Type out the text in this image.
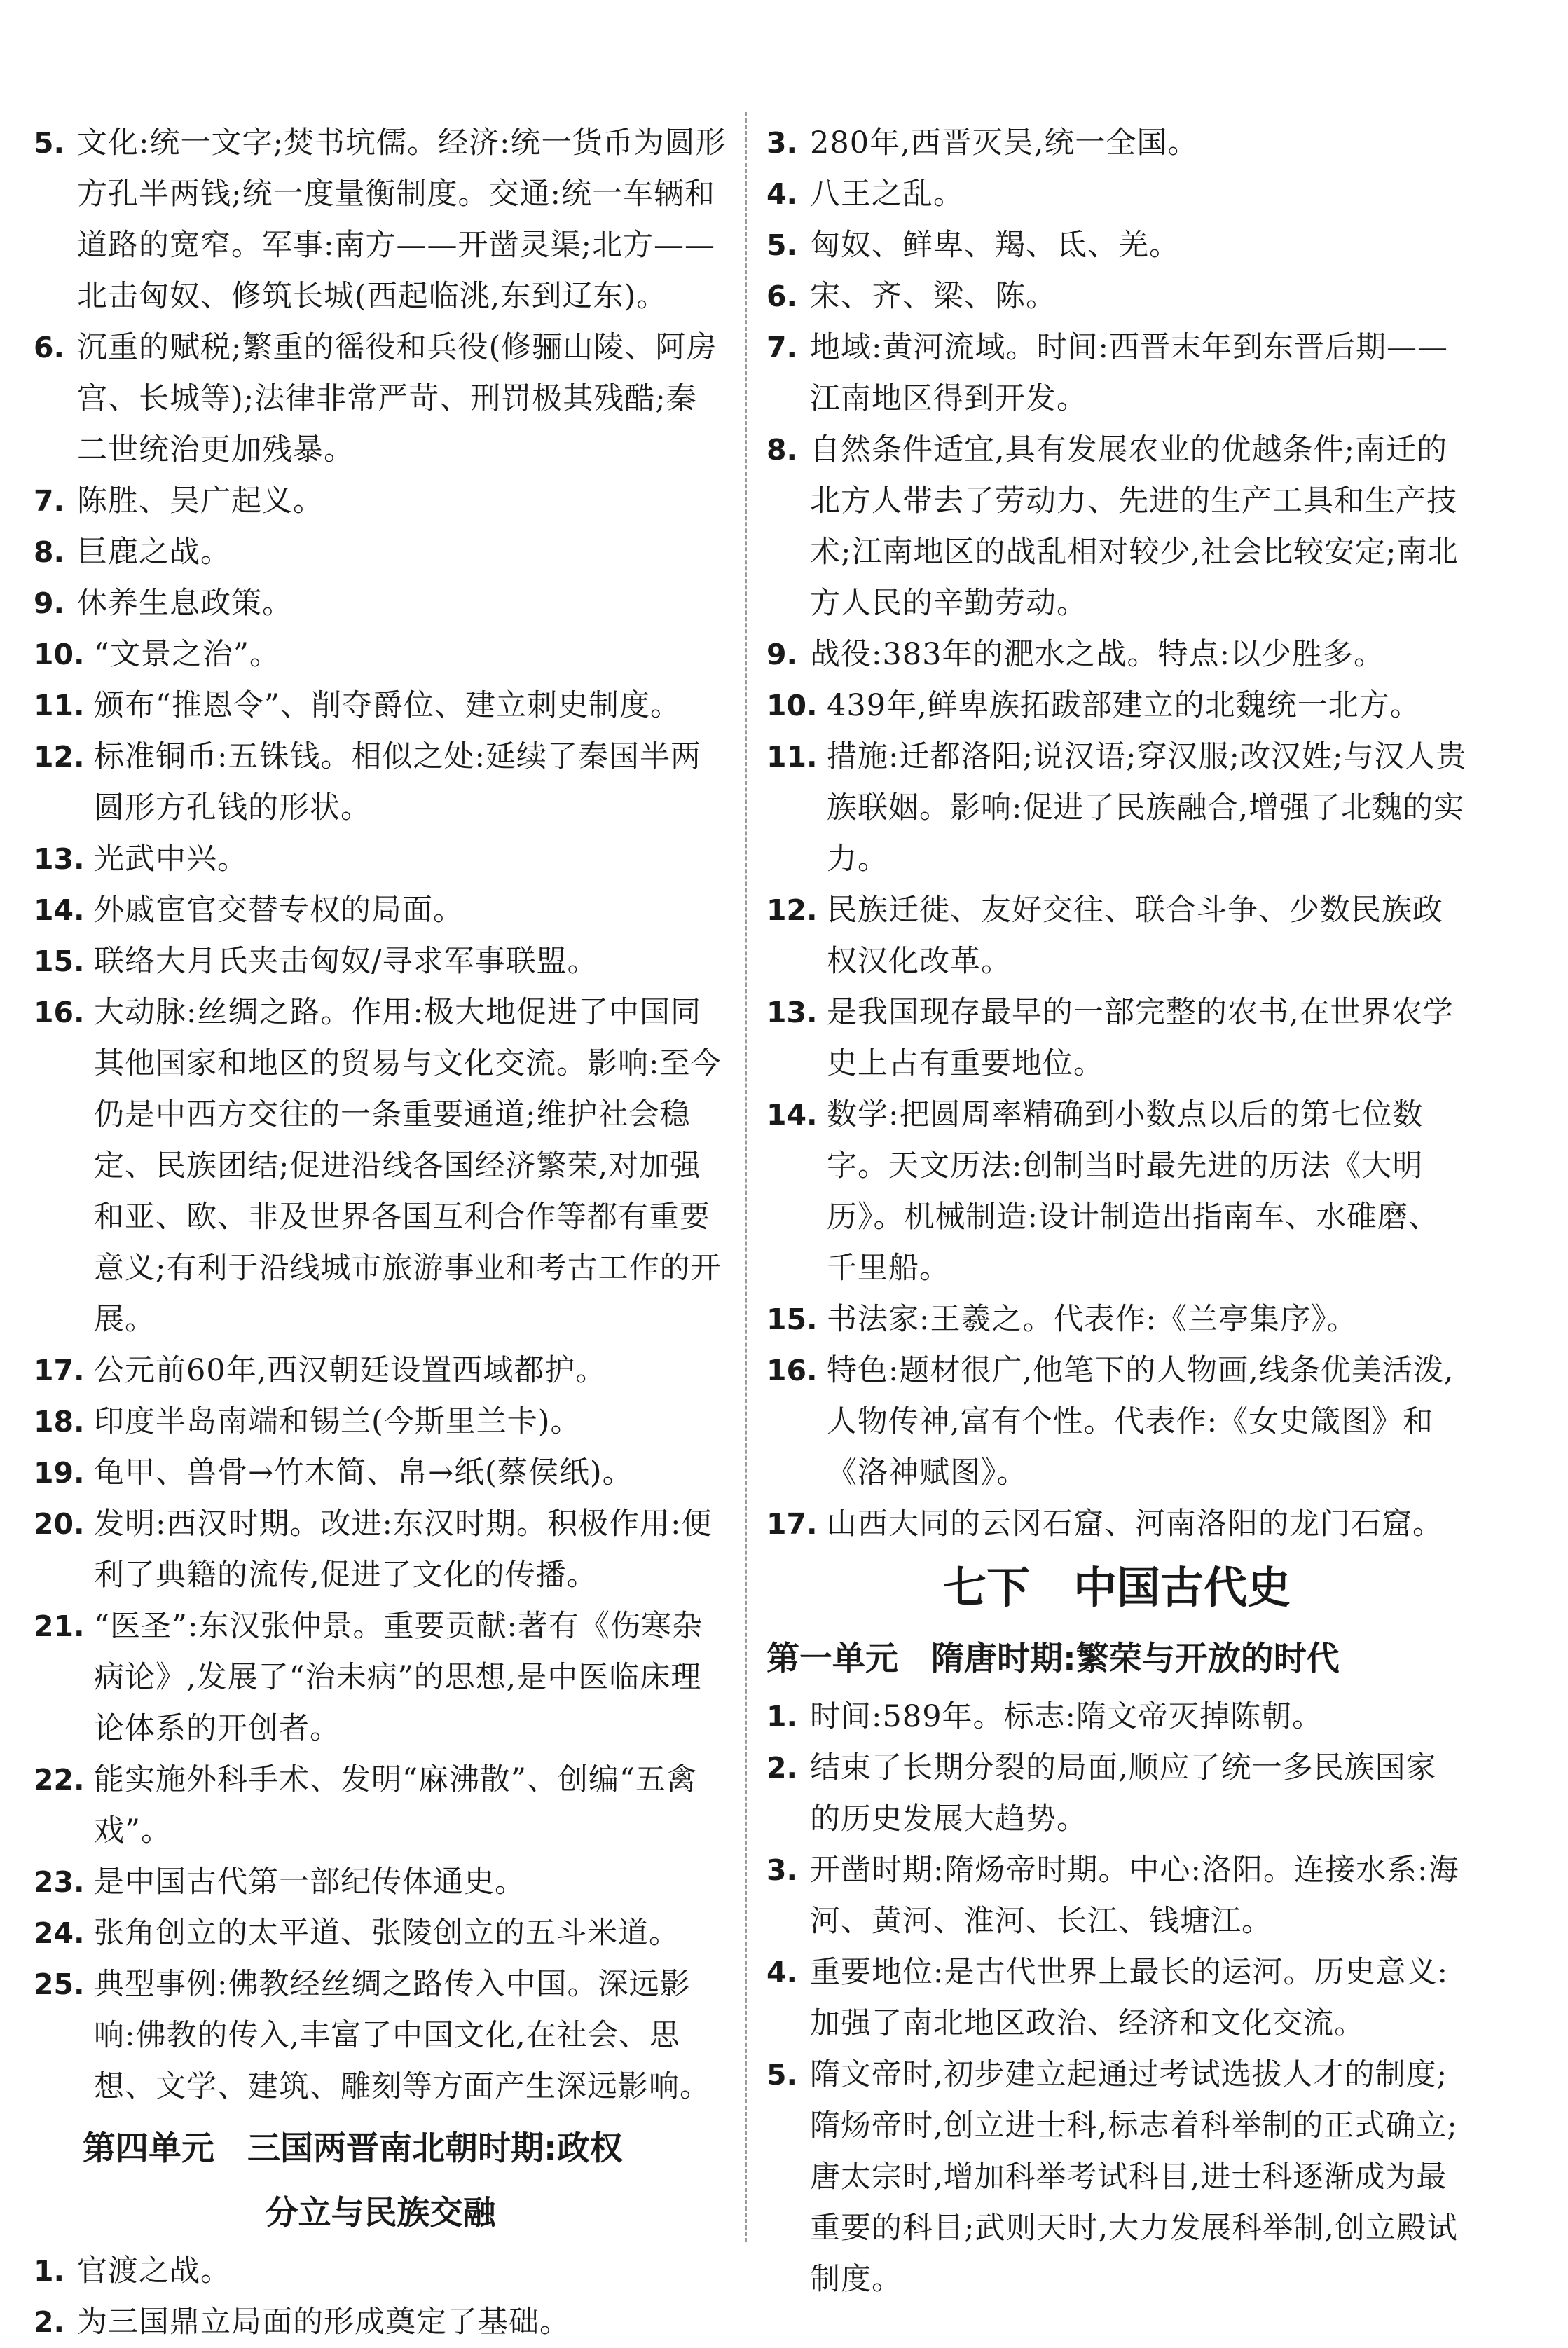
5. 文化:统一文字;焚书坑儒。经济:统一货币为圆形方孔半两钱;统一度量衡制度。交通:统一车辆和道路的宽窄。军事:南方——开凿灵渠;北方——北击匈奴、修筑长城(西起临洮,东到辽东)。
6. 沉重的赋税;繁重的徭役和兵役(修骊山陵、阿房宫、长城等);法律非常严苛、刑罚极其残酷;秦二世统治更加残暴。
7. 陈胜、吴广起义。
8. 巨鹿之战。
9. 休养生息政策。
10. “文景之治”。
11. 颁布“推恩令”、削夺爵位、建立刺史制度。
12. 标准铜币:五铢钱。相似之处:延续了秦国半两圆形方孔钱的形状。
13. 光武中兴。
14. 外戚宦官交替专权的局面。
15. 联络大月氏夹击匈奴/寻求军事联盟。
16. 大动脉:丝绸之路。作用:极大地促进了中国同其他国家和地区的贸易与文化交流。影响:至今仍是中西方交往的一条重要通道;维护社会稳定、民族团结;促进沿线各国经济繁荣,对加强和亚、欧、非及世界各国互利合作等都有重要意义;有利于沿线城市旅游事业和考古工作的开展。
17. 公元前60年,西汉朝廷设置西域都护。
18. 印度半岛南端和锡兰(今斯里兰卡)。
19. 龟甲、兽骨→竹木简、帛→纸(蔡侯纸)。
20. 发明:西汉时期。改进:东汉时期。积极作用:便利了典籍的流传,促进了文化的传播。
21. “医圣”:东汉张仲景。重要贡献:著有《伤寒杂病论》,发展了“治未病”的思想,是中医临床理论体系的开创者。
22. 能实施外科手术、发明“麻沸散”、创编“五禽戏”。
23. 是中国古代第一部纪传体通史。
24. 张角创立的太平道、张陵创立的五斗米道。
25. 典型事例:佛教经丝绸之路传入中国。深远影响:佛教的传入,丰富了中国文化,在社会、思想、文学、建筑、雕刻等方面产生深远影响。
第四单元　三国两晋南北朝时期:政权
分立与民族交融
1. 官渡之战。
2. 为三国鼎立局面的形成奠定了基础。
3. 280年,西晋灭吴,统一全国。
4. 八王之乱。
5. 匈奴、鲜卑、羯、氐、羌。
6. 宋、齐、梁、陈。
7. 地域:黄河流域。时间:西晋末年到东晋后期——江南地区得到开发。
8. 自然条件适宜,具有发展农业的优越条件;南迁的北方人带去了劳动力、先进的生产工具和生产技术;江南地区的战乱相对较少,社会比较安定;南北方人民的辛勤劳动。
9. 战役:383年的淝水之战。特点:以少胜多。
10. 439年,鲜卑族拓跋部建立的北魏统一北方。
11. 措施:迁都洛阳;说汉语;穿汉服;改汉姓;与汉人贵族联姻。影响:促进了民族融合,增强了北魏的实力。
12. 民族迁徙、友好交往、联合斗争、少数民族政权汉化改革。
13. 是我国现存最早的一部完整的农书,在世界农学史上占有重要地位。
14. 数学:把圆周率精确到小数点以后的第七位数字。天文历法:创制当时最先进的历法《大明历》。机械制造:设计制造出指南车、水碓磨、千里船。
15. 书法家:王羲之。代表作:《兰亭集序》。
16. 特色:题材很广,他笔下的人物画,线条优美活泼,人物传神,富有个性。代表作:《女史箴图》和《洛神赋图》。
17. 山西大同的云冈石窟、河南洛阳的龙门石窟。
七下　中国古代史
第一单元　隋唐时期:繁荣与开放的时代
1. 时间:589年。标志:隋文帝灭掉陈朝。
2. 结束了长期分裂的局面,顺应了统一多民族国家的历史发展大趋势。
3. 开凿时期:隋炀帝时期。中心:洛阳。连接水系:海河、黄河、淮河、长江、钱塘江。
4. 重要地位:是古代世界上最长的运河。历史意义:加强了南北地区政治、经济和文化交流。
5. 隋文帝时,初步建立起通过考试选拔人才的制度;隋炀帝时,创立进士科,标志着科举制的正式确立;唐太宗时,增加科举考试科目,进士科逐渐成为最重要的科目;武则天时,大力发展科举制,创立殿试制度。
